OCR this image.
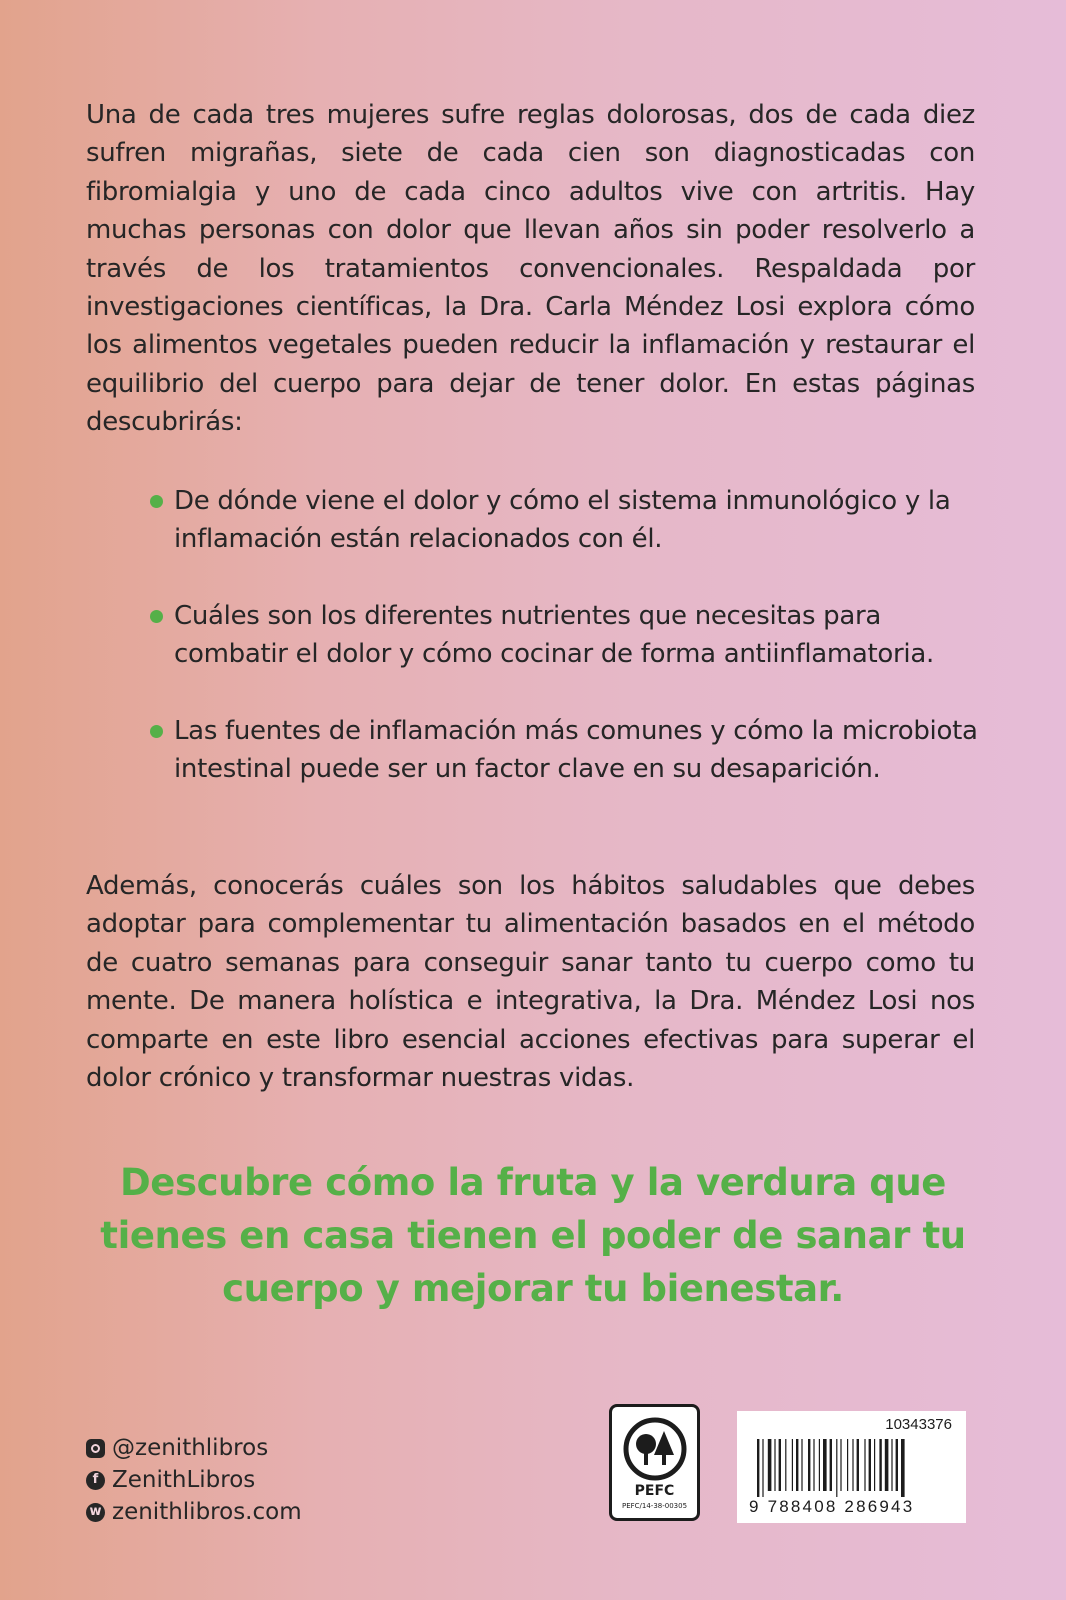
Una de cada tres mujeres sufre reglas dolorosas, dos de cada diez sufren migrañas, siete de cada cien son diagnosticadas con fibromialgia y uno de cada cinco adultos vive con artritis. Hay muchas personas con dolor que llevan años sin poder resolverlo a través de los tratamientos convencionales. Respaldada por investigaciones científicas, la Dra. Carla Méndez Losi explora cómo los alimentos vegetales pueden reducir la inflamación y restaurar el equilibrio del cuerpo para dejar de tener dolor. En estas páginas descubrirás:

De dónde viene el dolor y cómo el sistema inmunológico y la inflamación están relacionados con él.
Cuáles son los diferentes nutrientes que necesitas para combatir el dolor y cómo cocinar de forma antiinflamatoria.
Las fuentes de inflamación más comunes y cómo la microbiota intestinal puede ser un factor clave en su desaparición.

Además, conocerás cuáles son los hábitos saludables que debes adoptar para complementar tu alimentación basados en el método de cuatro semanas para conseguir sanar tanto tu cuerpo como tu mente. De manera holística e integrativa, la Dra. Méndez Losi nos comparte en este libro esencial acciones efectivas para superar el dolor crónico y transformar nuestras vidas.

Descubre cómo la fruta y la verdura que tienes en casa tienen el poder de sanar tu cuerpo y mejorar tu bienestar.

@zenithlibros
f ZenithLibros
w zenithlibros.com
PEFC
PEFC/14-38-00305
10343376
9 788408 286943
